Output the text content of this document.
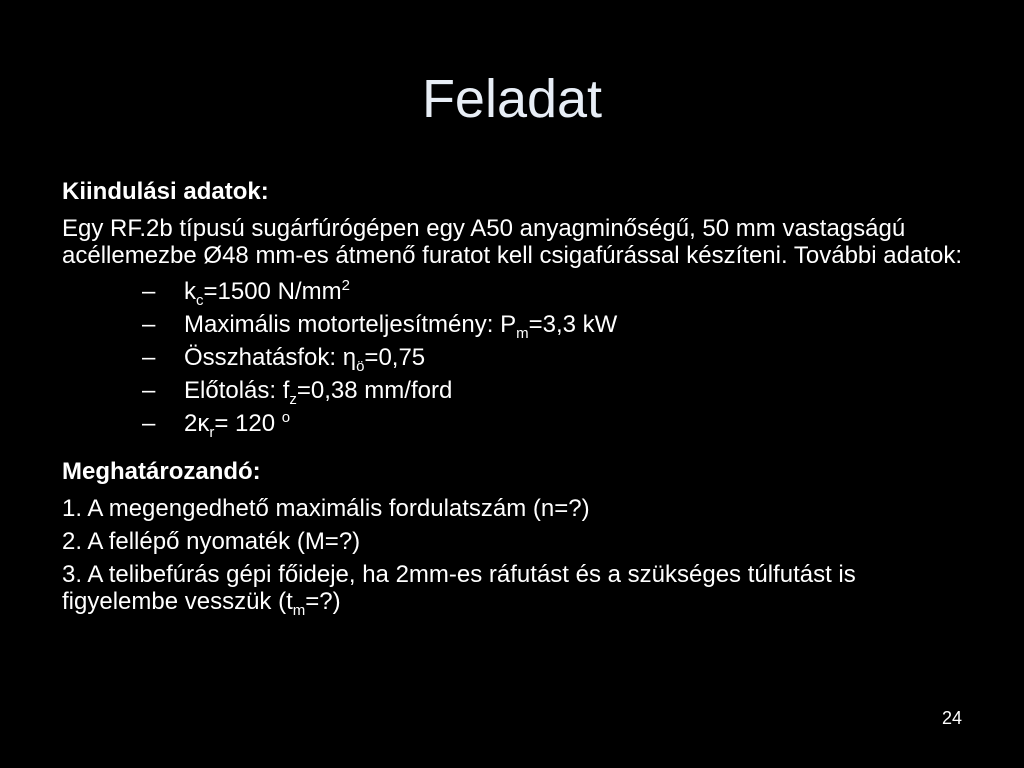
Feladat
Kiindulási adatok:
Egy RF.2b típusú sugárfúrógépen egy A50 anyagminőségű, 50 mm vastagságú acéllemezbe Ø48 mm-es átmenő furatot kell csigafúrással készíteni. További adatok:
– $k_c=1500$ $N/mm^2$
– Maximális motorteljesítmény: $P_m=3,3$ kW
– Összhatásfok: $\eta_ö=0,75$
– Előtolás: $f_z=0,38$ mm/ford
– $2\kappa_r= 120$ $^o$
Meghatározandó:
1. A megengedhető maximális fordulatszám (n=?)
2. A fellépő nyomaték (M=?)
3. A telibefúrás gépi főideje, ha 2mm-es ráfutást és a szükséges túlfutást is figyelembe vesszük $(t_m=?)$
24
